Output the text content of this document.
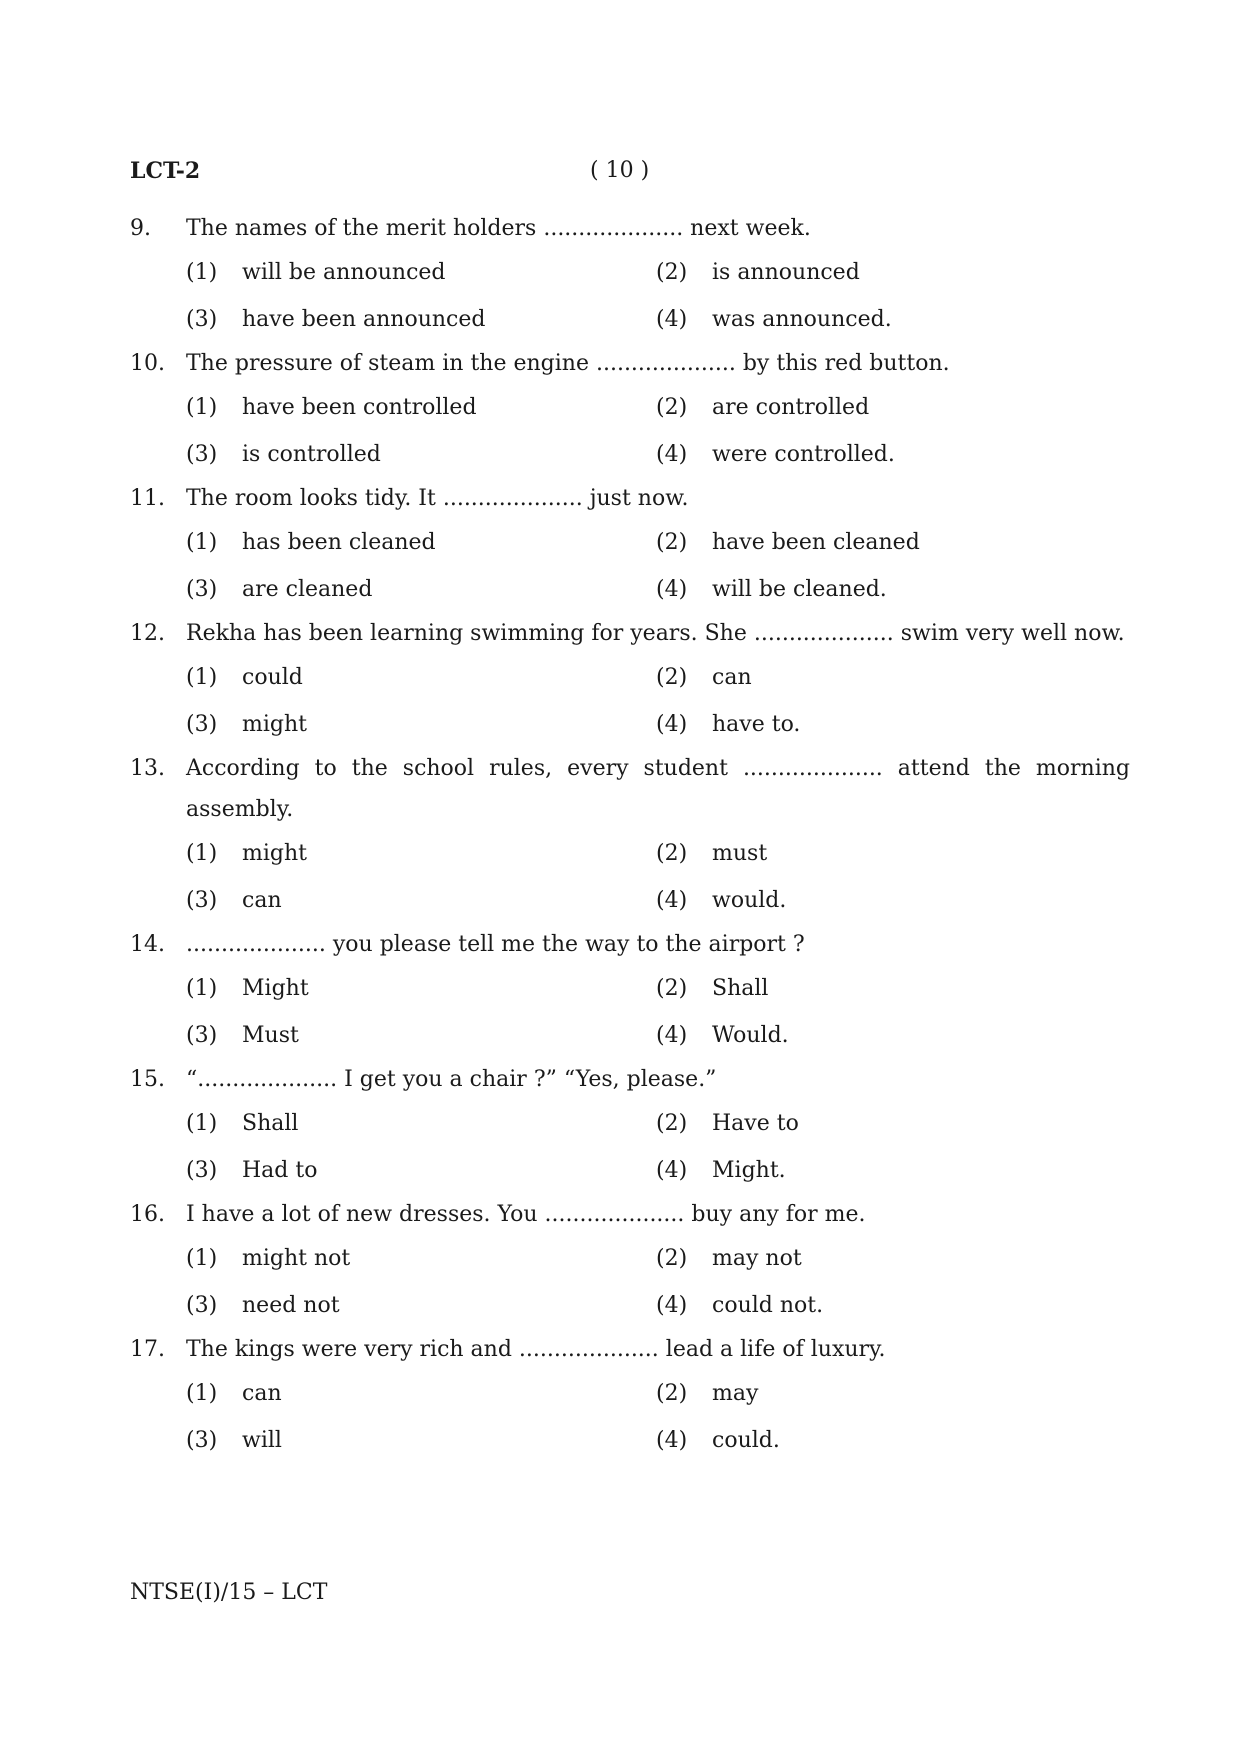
LCT-2	( 10 )
9. The names of the merit holders .................... next week.
(1) will be announced	(2) is announced
(3) have been announced	(4) was announced.
10. The pressure of steam in the engine .................... by this red button.
(1) have been controlled	(2) are controlled
(3) is controlled	(4) were controlled.
11. The room looks tidy. It .................... just now.
(1) has been cleaned	(2) have been cleaned
(3) are cleaned	(4) will be cleaned.
12. Rekha has been learning swimming for years. She .................... swim very well now.
(1) could	(2) can
(3) might	(4) have to.
13. According to the school rules, every student .................... attend the morning assembly.
(1) might	(2) must
(3) can	(4) would.
14. .................... you please tell me the way to the airport ?
(1) Might	(2) Shall
(3) Must	(4) Would.
15. “.................... I get you a chair ?” “Yes, please.”
(1) Shall	(2) Have to
(3) Had to	(4) Might.
16. I have a lot of new dresses. You .................... buy any for me.
(1) might not	(2) may not
(3) need not	(4) could not.
17. The kings were very rich and .................... lead a life of luxury.
(1) can	(2) may
(3) will	(4) could.
NTSE(I)/15 – LCT
